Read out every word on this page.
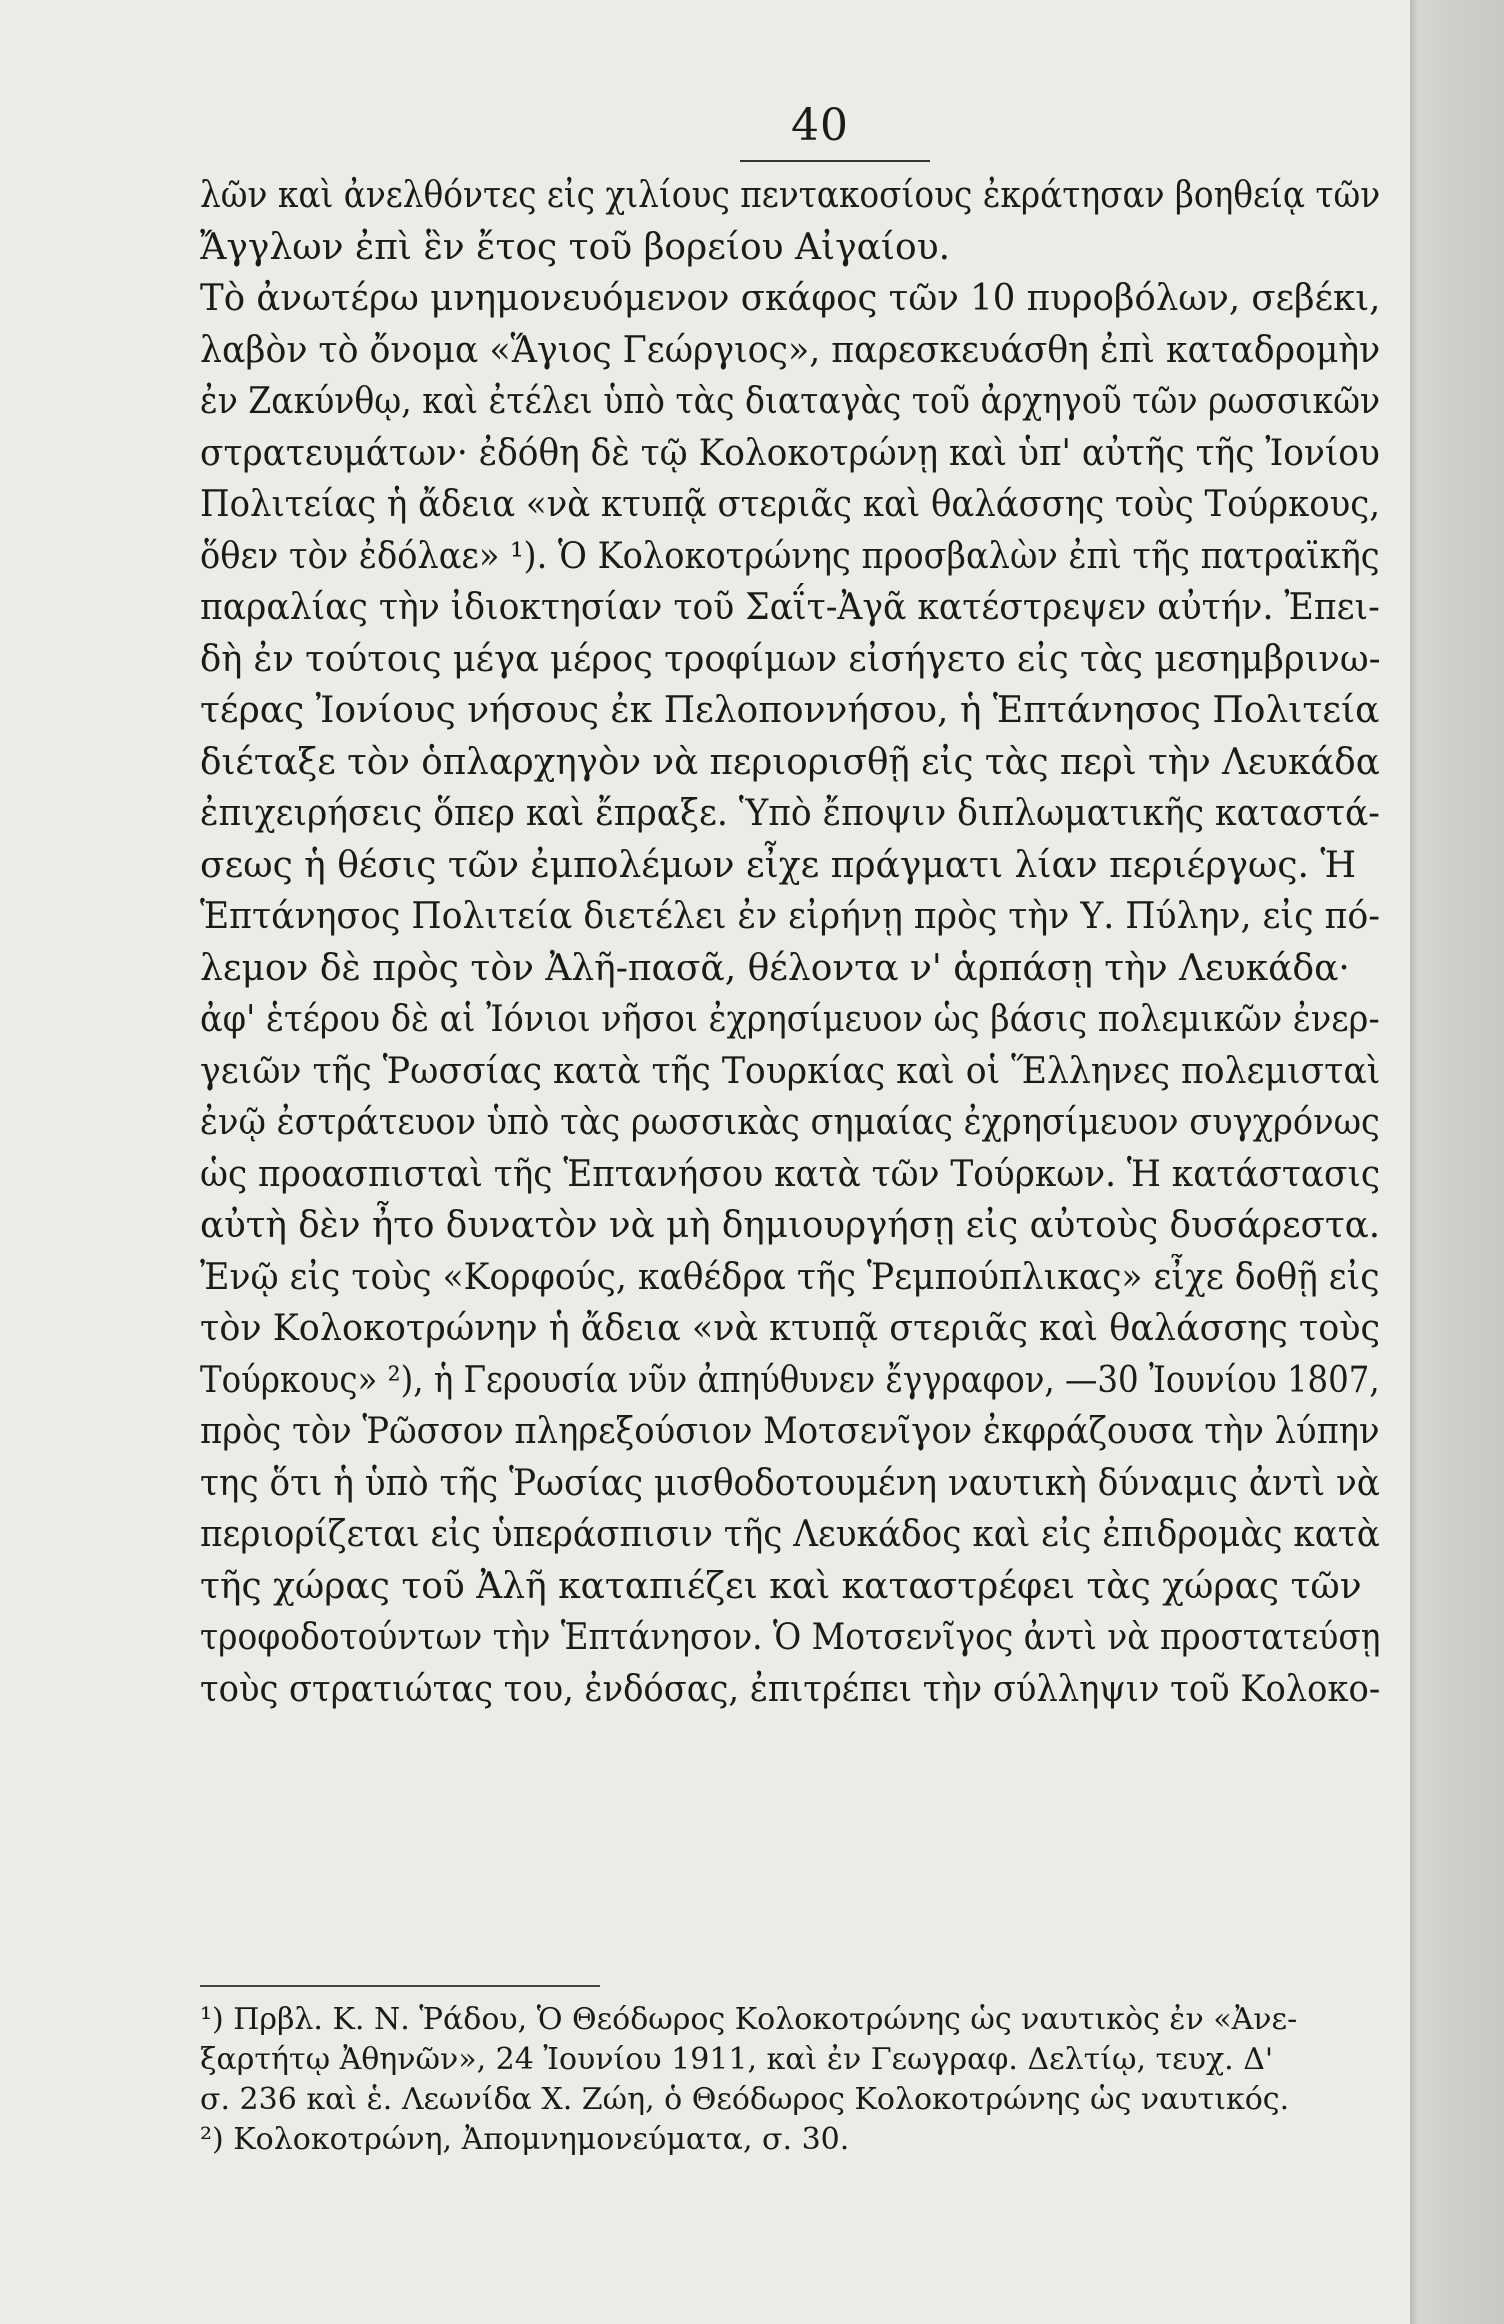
40
λῶν καὶ ἀνελθόντες εἰς χιλίους πεντακοσίους ἐκράτησαν βοηθείᾳ τῶν
Ἄγγλων ἐπὶ ἓν ἔτος τοῦ βορείου Αἰγαίου.
Τὸ ἀνωτέρω μνημονευόμενον σκάφος τῶν 10 πυροβόλων, σεβέκι,
λαβὸν τὸ ὄνομα «Ἅγιος Γεώργιος», παρεσκευάσθη ἐπὶ καταδρομὴν
ἐν Ζακύνθῳ, καὶ ἐτέλει ὑπὸ τὰς διαταγὰς τοῦ ἀρχηγοῦ τῶν ρωσσικῶν
στρατευμάτων· ἐδόθη δὲ τῷ Κολοκοτρώνῃ καὶ ὑπ' αὐτῆς τῆς Ἰονίου
Πολιτείας ἡ ἄδεια «νὰ κτυπᾷ στεριᾶς καὶ θαλάσσης τοὺς Τούρκους,
ὅθεν τὸν ἐδόλαε» ¹). Ὁ Κολοκοτρώνης προσβαλὼν ἐπὶ τῆς πατραϊκῆς
παραλίας τὴν ἰδιοκτησίαν τοῦ Σαΐτ-Ἀγᾶ κατέστρεψεν αὐτήν. Ἐπει-
δὴ ἐν τούτοις μέγα μέρος τροφίμων εἰσήγετο εἰς τὰς μεσημβρινω-
τέρας Ἰονίους νήσους ἐκ Πελοποννήσου, ἡ Ἑπτάνησος Πολιτεία
διέταξε τὸν ὁπλαρχηγὸν νὰ περιορισθῇ εἰς τὰς περὶ τὴν Λευκάδα
ἐπιχειρήσεις ὅπερ καὶ ἔπραξε. Ὑπὸ ἔποψιν διπλωματικῆς καταστά-
σεως ἡ θέσις τῶν ἐμπολέμων εἶχε πράγματι λίαν περιέργως. Ἡ
Ἑπτάνησος Πολιτεία διετέλει ἐν εἰρήνῃ πρὸς τὴν Υ. Πύλην, εἰς πό-
λεμον δὲ πρὸς τὸν Ἀλῆ-πασᾶ, θέλοντα ν' ἁρπάσῃ τὴν Λευκάδα·
ἀφ' ἑτέρου δὲ αἱ Ἰόνιοι νῆσοι ἐχρησίμευον ὡς βάσις πολεμικῶν ἐνερ-
γειῶν τῆς Ῥωσσίας κατὰ τῆς Τουρκίας καὶ οἱ Ἕλληνες πολεμισταὶ
ἐνῷ ἐστράτευον ὑπὸ τὰς ρωσσικὰς σημαίας ἐχρησίμευον συγχρόνως
ὡς προασπισταὶ τῆς Ἑπτανήσου κατὰ τῶν Τούρκων. Ἡ κατάστασις
αὐτὴ δὲν ἦτο δυνατὸν νὰ μὴ δημιουργήσῃ εἰς αὐτοὺς δυσάρεστα.
Ἐνῷ εἰς τοὺς «Κορφούς, καθέδρα τῆς Ῥεμπούπλικας» εἶχε δοθῇ εἰς
τὸν Κολοκοτρώνην ἡ ἄδεια «νὰ κτυπᾷ στεριᾶς καὶ θαλάσσης τοὺς
Τούρκους» ²), ἡ Γερουσία νῦν ἀπηύθυνεν ἔγγραφον, —30 Ἰουνίου 1807,
πρὸς τὸν Ῥῶσσον πληρεξούσιον Μοτσενῖγον ἐκφράζουσα τὴν λύπην
της ὅτι ἡ ὑπὸ τῆς Ῥωσίας μισθοδοτουμένη ναυτικὴ δύναμις ἀντὶ νὰ
περιορίζεται εἰς ὑπεράσπισιν τῆς Λευκάδος καὶ εἰς ἐπιδρομὰς κατὰ
τῆς χώρας τοῦ Ἀλῆ καταπιέζει καὶ καταστρέφει τὰς χώρας τῶν
τροφοδοτούντων τὴν Ἑπτάνησον. Ὁ Μοτσενῖγος ἀντὶ νὰ προστατεύσῃ
τοὺς στρατιώτας του, ἐνδόσας, ἐπιτρέπει τὴν σύλληψιν τοῦ Κολοκο-
¹) Πρβλ. Κ. Ν. Ῥάδου, Ὁ Θεόδωρος Κολοκοτρώνης ὡς ναυτικὸς ἐν «Ἀνε-
ξαρτήτῳ Ἀθηνῶν», 24 Ἰουνίου 1911, καὶ ἐν Γεωγραφ. Δελτίῳ, τευχ. Δ'
σ. 236 καὶ ἑ. Λεωνίδα Χ. Ζώη, ὁ Θεόδωρος Κολοκοτρώνης ὡς ναυτικός.
²) Κολοκοτρώνη, Ἀπομνημονεύματα, σ. 30.
